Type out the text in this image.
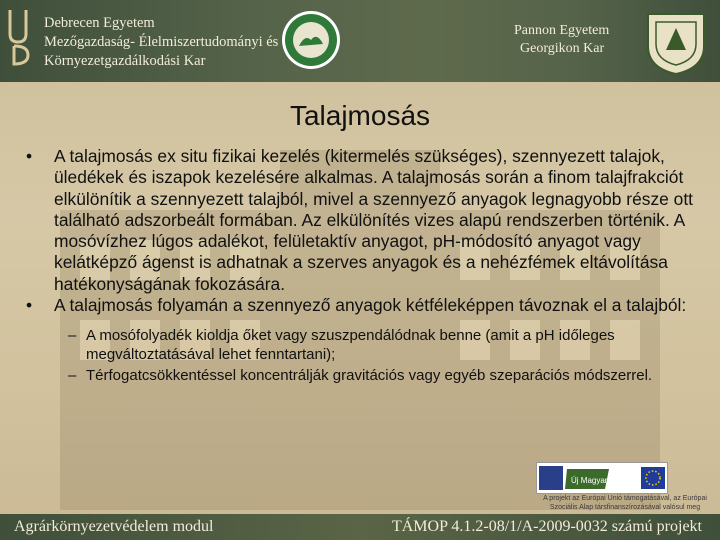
Debrecen Egyetem
Mezőgazdaság- Élelmiszertudományi és
Környezetgazdálkodási Kar
Pannon Egyetem
Georgikon Kar
Talajmosás
• A talajmosás ex situ fizikai kezelés (kitermelés szükséges), szennyezett talajok, üledékek és iszapok kezelésére alkalmas. A talajmosás során a finom talajfrakciót elkülönítik a szennyezett talajból, mivel a szennyező anyagok legnagyobb része ott található adszorbeált formában. Az elkülönítés vizes alapú rendszerben történik. A mosóvízhez lúgos adalékot, felületaktív anyagot, pH-módosító anyagot vagy kelátképző ágenst is adhatnak a szerves anyagok és a nehézfémek eltávolítása hatékonyságának fokozására.
• A talajmosás folyamán a szennyező anyagok kétféleképpen távoznak el a talajból:
– A mosófolyadék kioldja őket vagy szuszpendálódnak benne (amit a pH időleges megváltoztatásával lehet fenntartani);
– Térfogatcsökkentéssel koncentrálják gravitációs vagy egyéb szeparációs módszerrel.
Új Magyarország
A projekt az Európai Unió támogatásával, az Európai Szociális Alap társfinanszírozásával valósul meg
Agrárkörnyezetvédelem modul	TÁMOP 4.1.2-08/1/A-2009-0032 számú projekt
